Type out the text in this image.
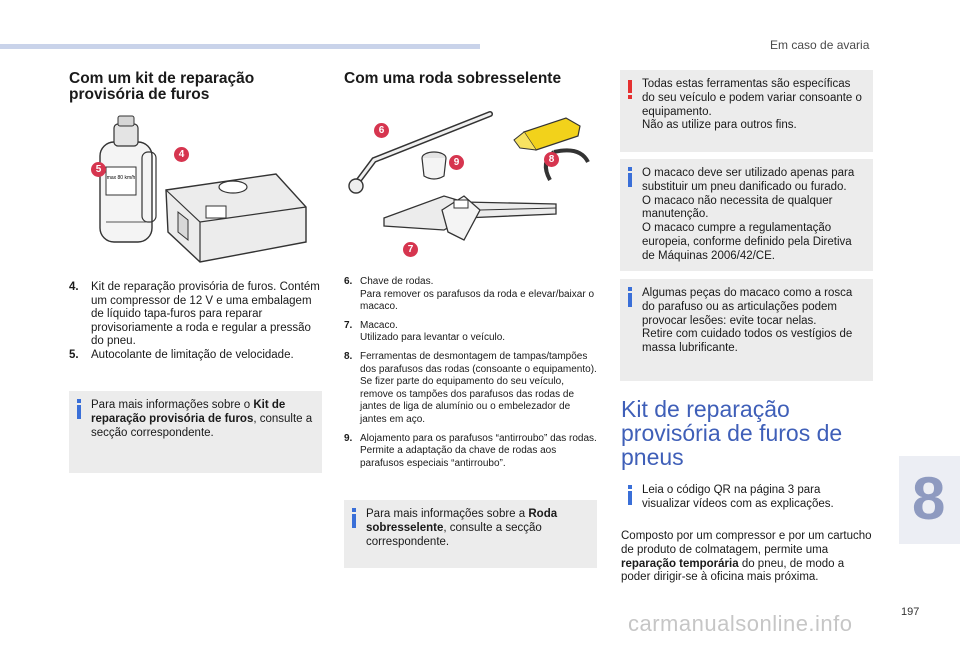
Em caso de avaria
Com um kit de reparação provisória de furos
max 80 km/h
4
5
4. Kit de reparação provisória de furos. Contém um compressor de 12 V e uma embalagem de líquido tapa-furos para reparar provisoriamente a roda e regular a pressão do pneu.
5. Autocolante de limitação de velocidade.
Para mais informações sobre o Kit de reparação provisória de furos, consulte a secção correspondente.
Com uma roda sobresselente
6
9	8
7
6. Chave de rodas.
Para remover os parafusos da roda e elevar/baixar o macaco.
7. Macaco.
Utilizado para levantar o veículo.
8. Ferramentas de desmontagem de tampas/tampões dos parafusos das rodas (consoante o equipamento).
Se fizer parte do equipamento do seu veículo, remove os tampões dos parafusos das rodas de jantes de liga de alumínio ou o embelezador de jantes em aço.
9. Alojamento para os parafusos “antirroubo” das rodas.
Permite a adaptação da chave de rodas aos parafusos especiais “antirroubo”.
Para mais informações sobre a Roda sobresselente, consulte a secção correspondente.
Todas estas ferramentas são específicas do seu veículo e podem variar consoante o equipamento.
Não as utilize para outros fins.
O macaco deve ser utilizado apenas para substituir um pneu danificado ou furado.
O macaco não necessita de qualquer manutenção.
O macaco cumpre a regulamentação europeia, conforme definido pela Diretiva de Máquinas 2006/42/CE.
Algumas peças do macaco como a rosca do parafuso ou as articulações podem provocar lesões: evite tocar nelas.
Retire com cuidado todos os vestígios de massa lubrificante.
Kit de reparação provisória de furos de pneus
Leia o código QR na página 3 para visualizar vídeos com as explicações.
Composto por um compressor e por um cartucho de produto de colmatagem, permite uma reparação temporária do pneu, de modo a poder dirigir-se à oficina mais próxima.
8
197
carmanualsonline.info
